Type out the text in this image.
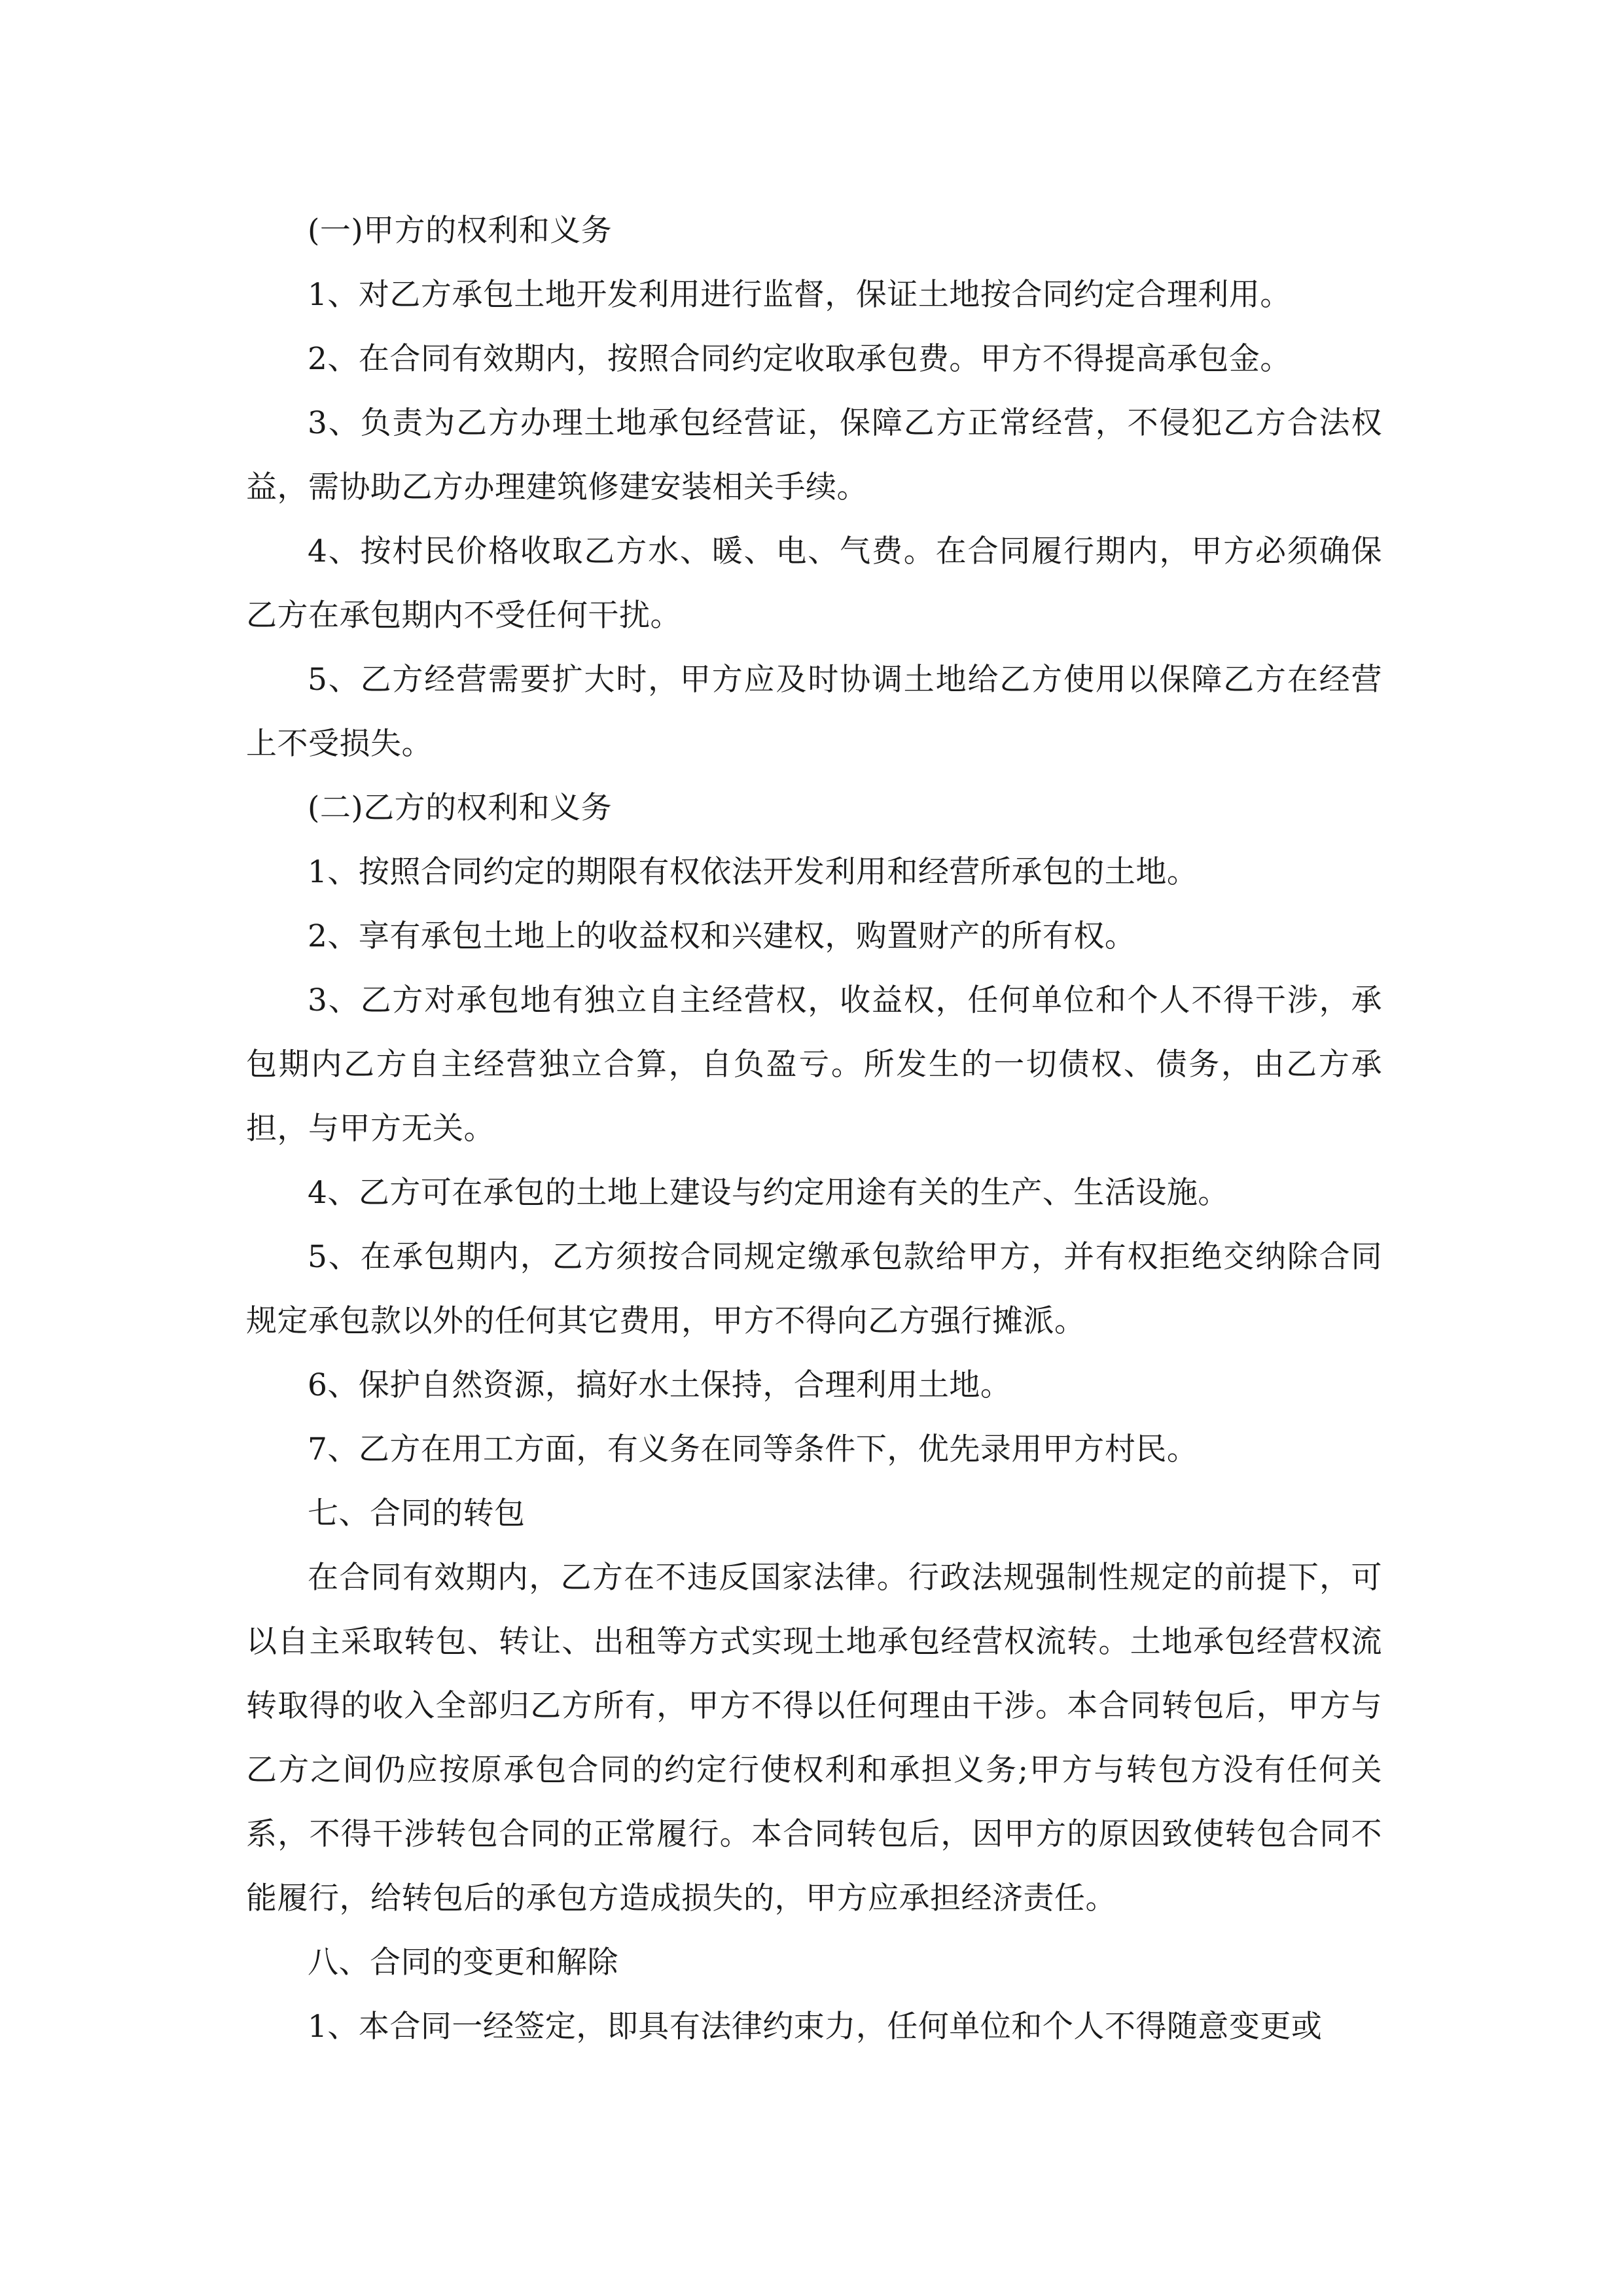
(一)甲方的权利和义务

1、对乙方承包土地开发利用进行监督，保证土地按合同约定合理利用。

2、在合同有效期内，按照合同约定收取承包费。甲方不得提高承包金。

3、负责为乙方办理土地承包经营证，保障乙方正常经营，不侵犯乙方合法权益，需协助乙方办理建筑修建安装相关手续。

4、按村民价格收取乙方水、暖、电、气费。在合同履行期内，甲方必须确保乙方在承包期内不受任何干扰。

5、乙方经营需要扩大时，甲方应及时协调土地给乙方使用以保障乙方在经营上不受损失。

(二)乙方的权利和义务

1、按照合同约定的期限有权依法开发利用和经营所承包的土地。

2、享有承包土地上的收益权和兴建权，购置财产的所有权。

3、乙方对承包地有独立自主经营权，收益权，任何单位和个人不得干涉，承包期内乙方自主经营独立合算，自负盈亏。所发生的一切债权、债务，由乙方承担，与甲方无关。

4、乙方可在承包的土地上建设与约定用途有关的生产、生活设施。

5、在承包期内，乙方须按合同规定缴承包款给甲方，并有权拒绝交纳除合同规定承包款以外的任何其它费用，甲方不得向乙方强行摊派。

6、保护自然资源，搞好水土保持，合理利用土地。

7、乙方在用工方面，有义务在同等条件下，优先录用甲方村民。

七、合同的转包

在合同有效期内，乙方在不违反国家法律。行政法规强制性规定的前提下，可以自主采取转包、转让、出租等方式实现土地承包经营权流转。土地承包经营权流转取得的收入全部归乙方所有，甲方不得以任何理由干涉。本合同转包后，甲方与乙方之间仍应按原承包合同的约定行使权利和承担义务;甲方与转包方没有任何关系，不得干涉转包合同的正常履行。本合同转包后，因甲方的原因致使转包合同不能履行，给转包后的承包方造成损失的，甲方应承担经济责任。

八、合同的变更和解除

1、本合同一经签定，即具有法律约束力，任何单位和个人不得随意变更或
